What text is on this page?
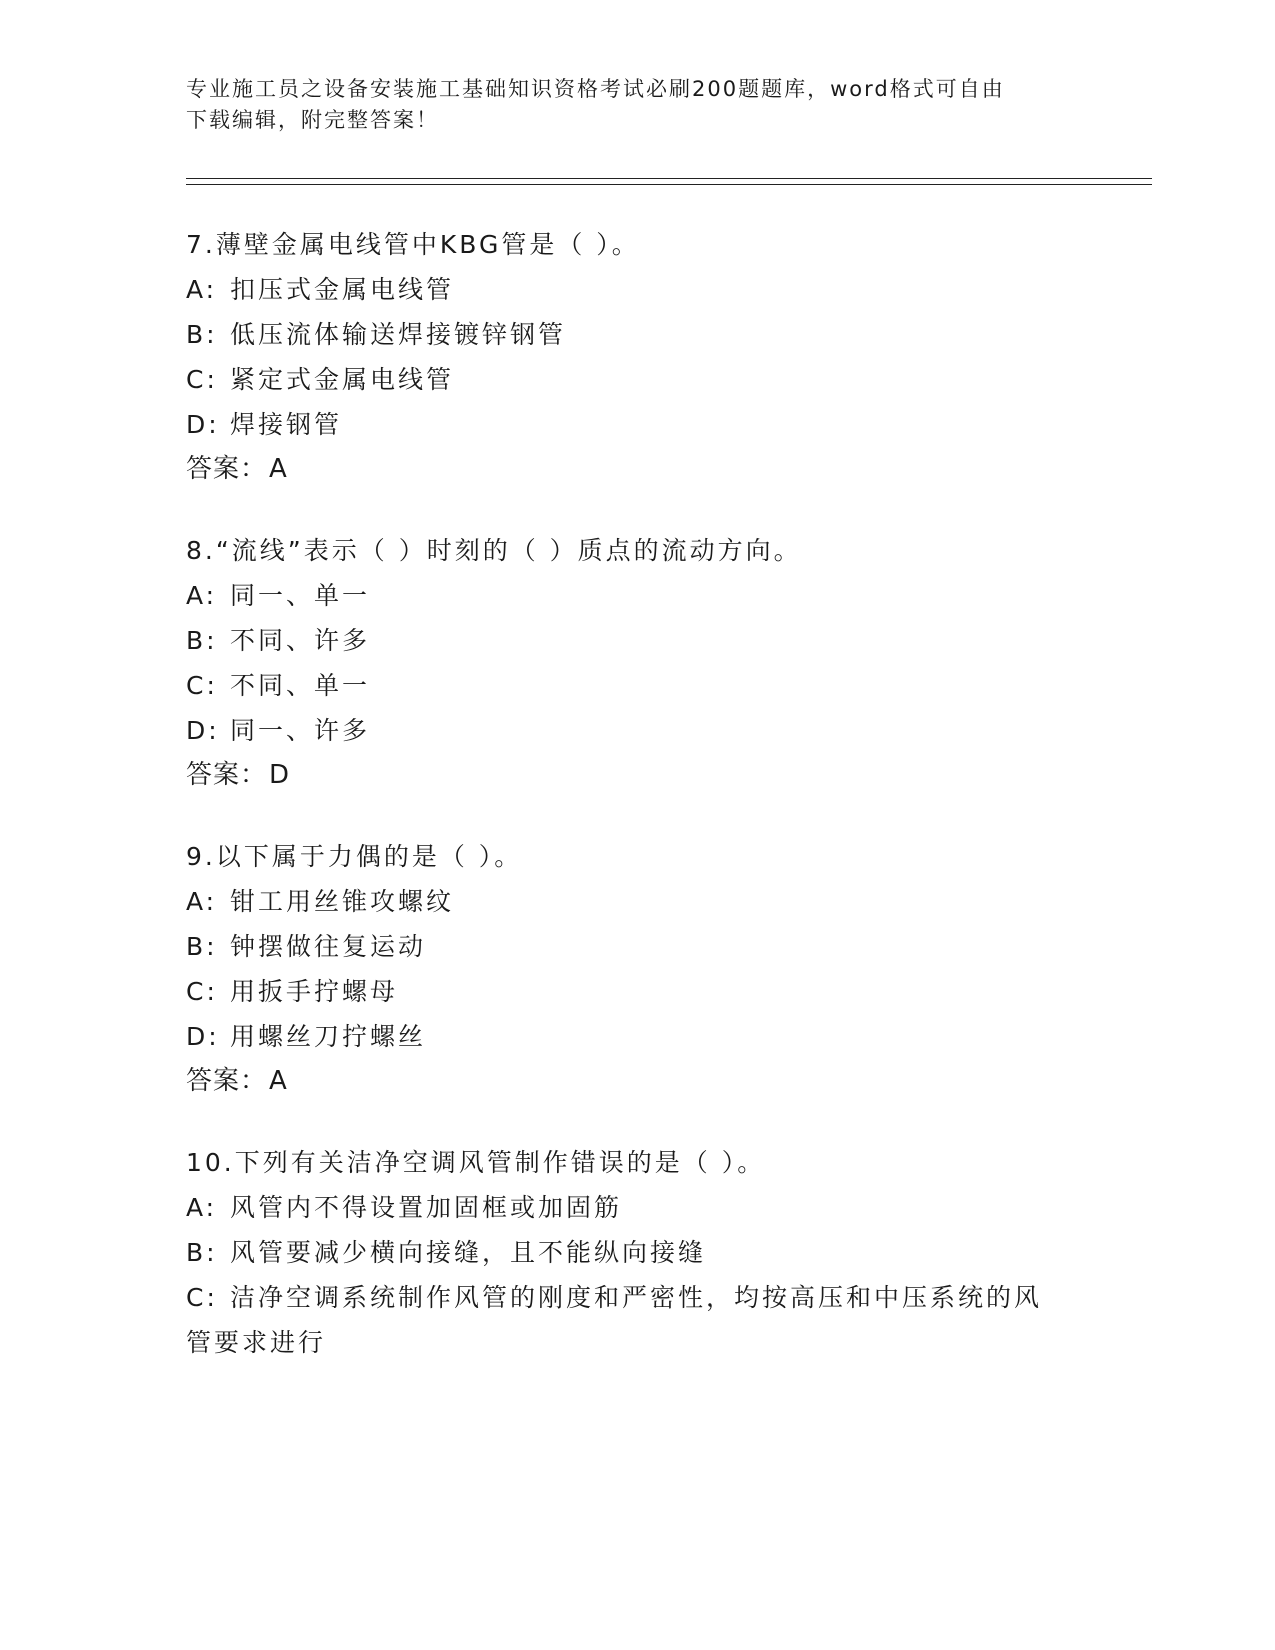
专业施工员之设备安装施工基础知识资格考试必刷200题题库，word格式可自由
下载编辑，附完整答案！
7.薄壁金属电线管中KBG管是（ ）。
A: 扣压式金属电线管
B: 低压流体输送焊接镀锌钢管
C: 紧定式金属电线管
D: 焊接钢管
答案：A
8.“流线”表示（ ）时刻的（ ）质点的流动方向。
A: 同一、单一
B: 不同、许多
C: 不同、单一
D: 同一、许多
答案：D
9.以下属于力偶的是（ ）。
A: 钳工用丝锥攻螺纹
B: 钟摆做往复运动
C: 用扳手拧螺母
D: 用螺丝刀拧螺丝
答案：A
10.下列有关洁净空调风管制作错误的是（ ）。
A: 风管内不得设置加固框或加固筋
B: 风管要减少横向接缝，且不能纵向接缝
C: 洁净空调系统制作风管的刚度和严密性，均按高压和中压系统的风
管要求进行
